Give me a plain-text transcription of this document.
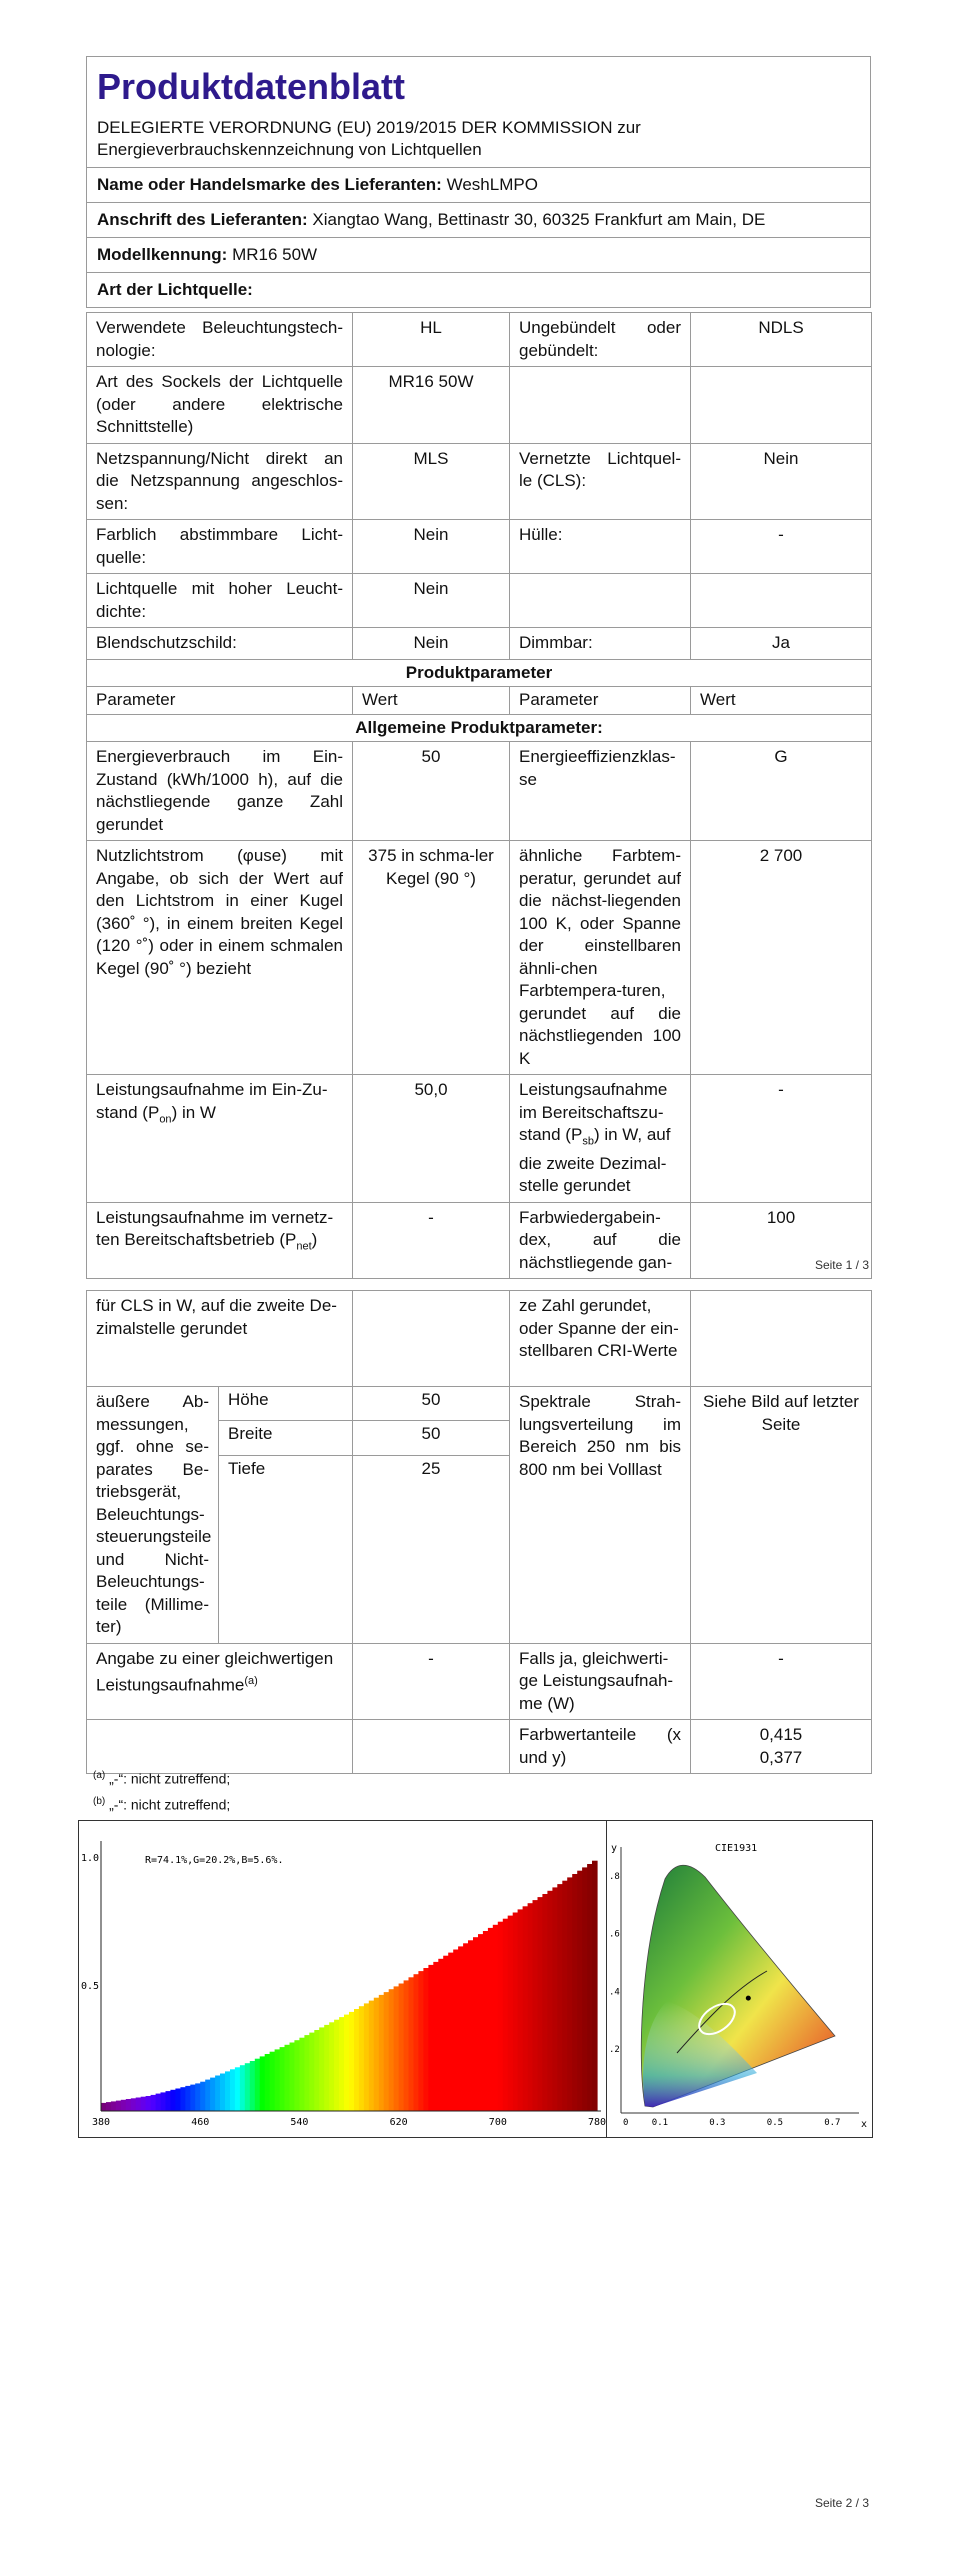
Produktdatenblatt
DELEGIERTE VERORDNUNG (EU) 2019/2015 DER KOMMISSION zur Energieverbrauchskennzeichnung von Lichtquellen
Name oder Handelsmarke des Lieferanten: WeshLMPO
Anschrift des Lieferanten: Xiangtao Wang, Bettinastr 30, 60325 Frankfurt am Main, DE
Modellkennung: MR16 50W
Art der Lichtquelle:
Verwendete Beleuchtungstech-nologie:	HL	Ungebündelt oder gebündelt:	NDLS
Art des Sockels der Lichtquelle (oder andere elektrische Schnittstelle)	MR16 50W		
Netzspannung/Nicht direkt an die Netzspannung angeschlos-sen:	MLS	Vernetzte Lichtquel-le (CLS):	Nein
Farblich abstimmbare Licht-quelle:	Nein	Hülle:	-
Lichtquelle mit hoher Leucht-dichte:	Nein		
Blendschutzschild:	Nein	Dimmbar:	Ja
Produktparameter			
Parameter	Wert	Parameter	Wert
Allgemeine Produktparameter:			
Energieverbrauch im Ein-Zustand (kWh/1000 h), auf die nächstliegende ganze Zahl gerundet	50	Energieeffizienzklas-se	G
Nutzlichtstrom (φuse) mit Angabe, ob sich der Wert auf den Lichtstrom in einer Kugel (360˚ °), in einem breiten Kegel (120 °˚) oder in einem schmalen Kegel (90˚ °) bezieht	375 in schma-ler Kegel (90 °)	ähnliche Farbtem-peratur, gerundet auf die nächst-liegenden 100 K, oder Spanne der einstellbaren ähnli-chen Farbtempera-turen, gerundet auf die nächstliegenden 100 K	2 700
Leistungsaufnahme im Ein-Zu-stand $(P_{on})$ in W	50,0	Leistungsaufnahme im Bereitschaftszu-stand $(P_{sb})$ in W, auf die zweite Dezimal-stelle gerundet	-
Leistungsaufnahme im vernetz-ten Bereitschaftsbetrieb $(P_{net})$	-	Farbwiedergabein-dex, auf die nächstliegende gan-	100
Seite 1 / 3
für CLS in W, auf die zweite De-zimalstelle gerundet			ze Zahl gerundet, oder Spanne der ein-stellbaren CRI-Werte	
äußere Ab-messungen, ggf. ohne se-parates Be-triebsgerät, Beleuchtungs-steuerungsteile und Nicht-Beleuchtungs-teile (Millime-ter)	Höhe	50	Spektrale Strah-lungsverteilung im Bereich 250 nm bis 800 nm bei Volllast	Siehe Bild auf letzter Seite
	Breite	50		
	Tiefe	25		
Angabe zu einer gleichwertigen Leistungsaufnahme$^{(a)}$		-	Falls ja, gleichwerti-ge Leistungsaufnah-me (W)	-
			Farbwertanteile (x und y)	0,415
0,377
$^{(a)}$ „-“: nicht zutreffend;
$^{(b)}$ „-“: nicht zutreffend;
R=74.1%,G=20.2%,B=5.6%.
1.0
0.5
380	460	540	620	700	780
CIE1931
y
x
.8
.6
.4
.2
0	0.1	0.3	0.5	0.7
Seite 2 / 3
